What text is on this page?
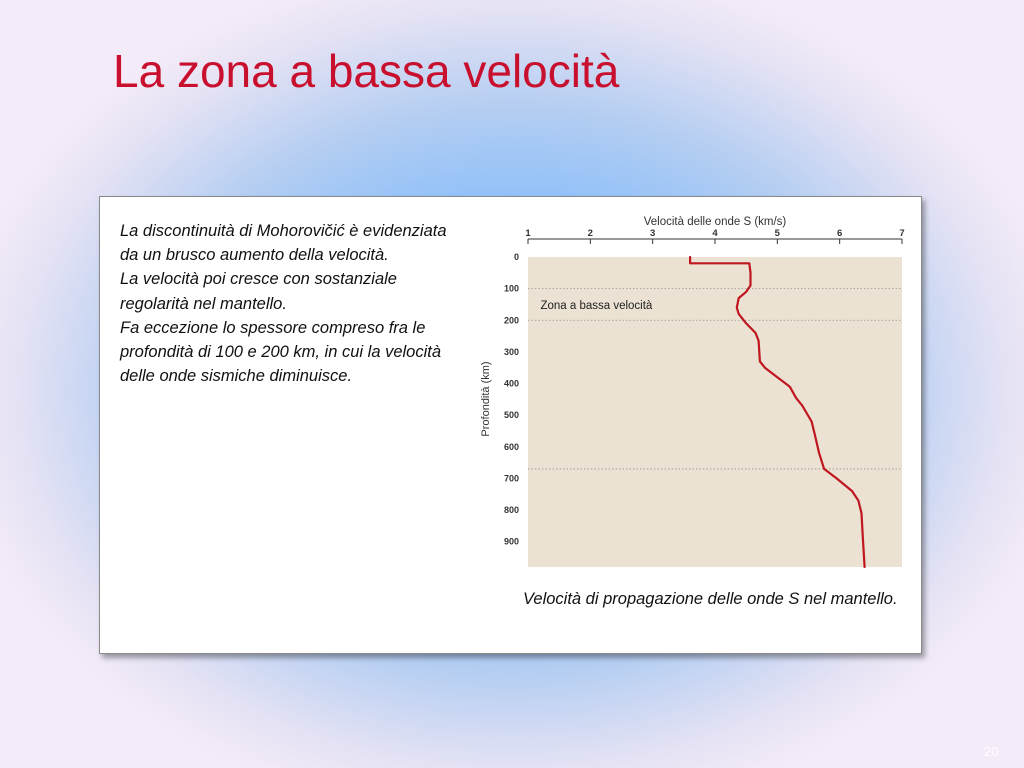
La zona a bassa velocità

La discontinuità di Mohorovičić è evidenziata da un brusco aumento della velocità.
La velocità poi cresce con sostanziale regolarità nel mantello.
Fa eccezione lo spessore compreso fra le profondità di 100 e 200 km, in cui la velocità delle onde sismiche diminuisce.

Velocità delle onde S (km/s)
1	2	3	4	5	6	7
0
100
200
300
400
500
600
700
800
900
Profondità (km)
Zona a bassa velocità

Velocità di propagazione delle onde S nel mantello.

20
